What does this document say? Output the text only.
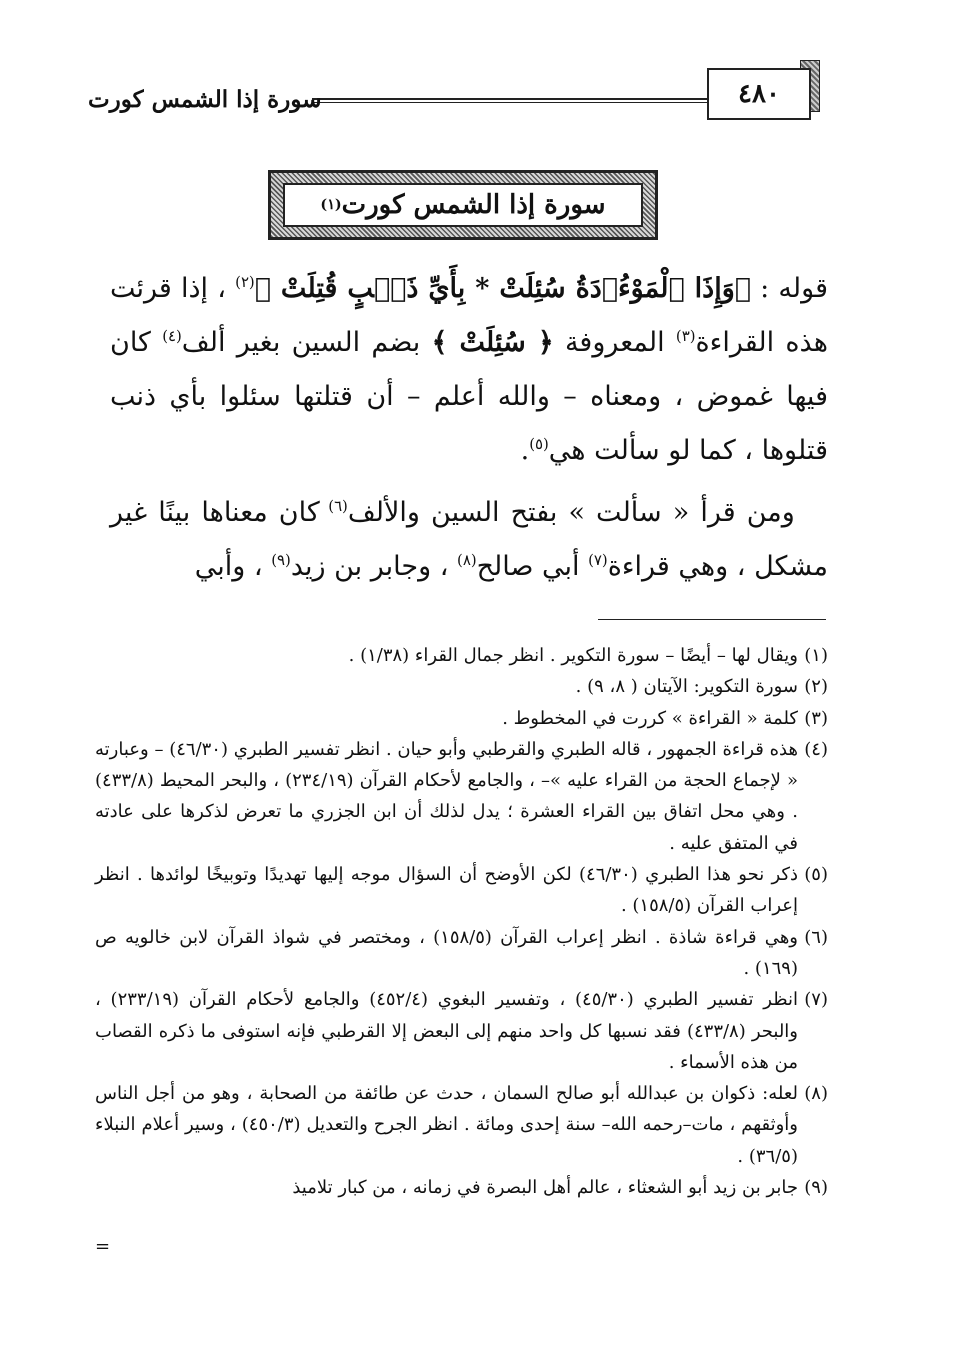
٤٨٠
سورة إذا الشمس كورت
سورة إذا الشمس كورت
(١)

قوله : ﴿وَإِذَا ٱلْمَوْءُۥدَةُ سُئِلَتْ * بِأَيِّ ذَنۢبٍ قُتِلَتْ ﴾$^{(٢)}$ ، إذا قرئت هذه القراءة$^{(٣)}$ المعروفة ﴿ سُئِلَتْ ﴾ بضم السين بغير ألف$^{(٤)}$ كان فيها غموض ، ومعناه – والله أعلم – أن قتلتها سئلوا بأي ذنب قتلوها ، كما لو سألت هي$^{(٥)}$.

ومن قرأ « سألت » بفتح السين والألف$^{(٦)}$ كان معناها بينًا غير مشكل ، وهي قراءة$^{(٧)}$ أبي صالح$^{(٨)}$ ، وجابر بن زيد$^{(٩)}$ ، وأبي

(١)
ويقال لها – أيضًا – سورة التكوير . انظر جمال القراء (١/٣٨) .
(٢)
سورة التكوير: الآيتان ( ٨، ٩) .
(٣)
كلمة « القراءة » كررت في المخطوط .
(٤)
هذه قراءة الجمهور ، قاله الطبري والقرطبي وأبو حيان . انظر تفسير الطبري (٤٦/٣٠) – وعبارته « لإجماع الحجة من القراء عليه »– ، والجامع لأحكام القرآن (٢٣٤/١٩) ، والبحر المحيط (٤٣٣/٨) . وهي محل اتفاق بين القراء العشرة ؛ يدل لذلك أن ابن الجزري ما تعرض لذكرها على عادته في المتفق عليه .
(٥)
ذكر نحو هذا الطبري (٤٦/٣٠) لكن الأوضح أن السؤال موجه إليها تهديدًا وتوبيخًا لوائدها . انظر إعراب القرآن (١٥٨/٥) .
(٦)
وهي قراءة شاذة . انظر إعراب القرآن (١٥٨/٥) ، ومختصر في شواذ القرآن لابن خالويه ص (١٦٩) .
(٧)
انظر تفسير الطبري (٤٥/٣٠) ، وتفسير البغوي (٤٥٢/٤) والجامع لأحكام القرآن (٢٣٣/١٩) ، والبحر (٤٣٣/٨) فقد نسبها كل واحد منهم إلى البعض إلا القرطبي فإنه استوفى ما ذكره القصاب من هذه الأسماء .
(٨)
لعله: ذكوان بن عبدالله أبو صالح السمان ، حدث عن طائفة من الصحابة ، وهو من أجل الناس وأوثقهم ، مات–رحمه الله– سنة إحدى ومائة . انظر الجرح والتعديل (٤٥٠/٣) ، وسير أعلام النبلاء (٣٦/٥) .
(٩)
جابر بن زيد أبو الشعثاء ، عالم أهل البصرة في زمانه ، من كبار تلاميذ
=
